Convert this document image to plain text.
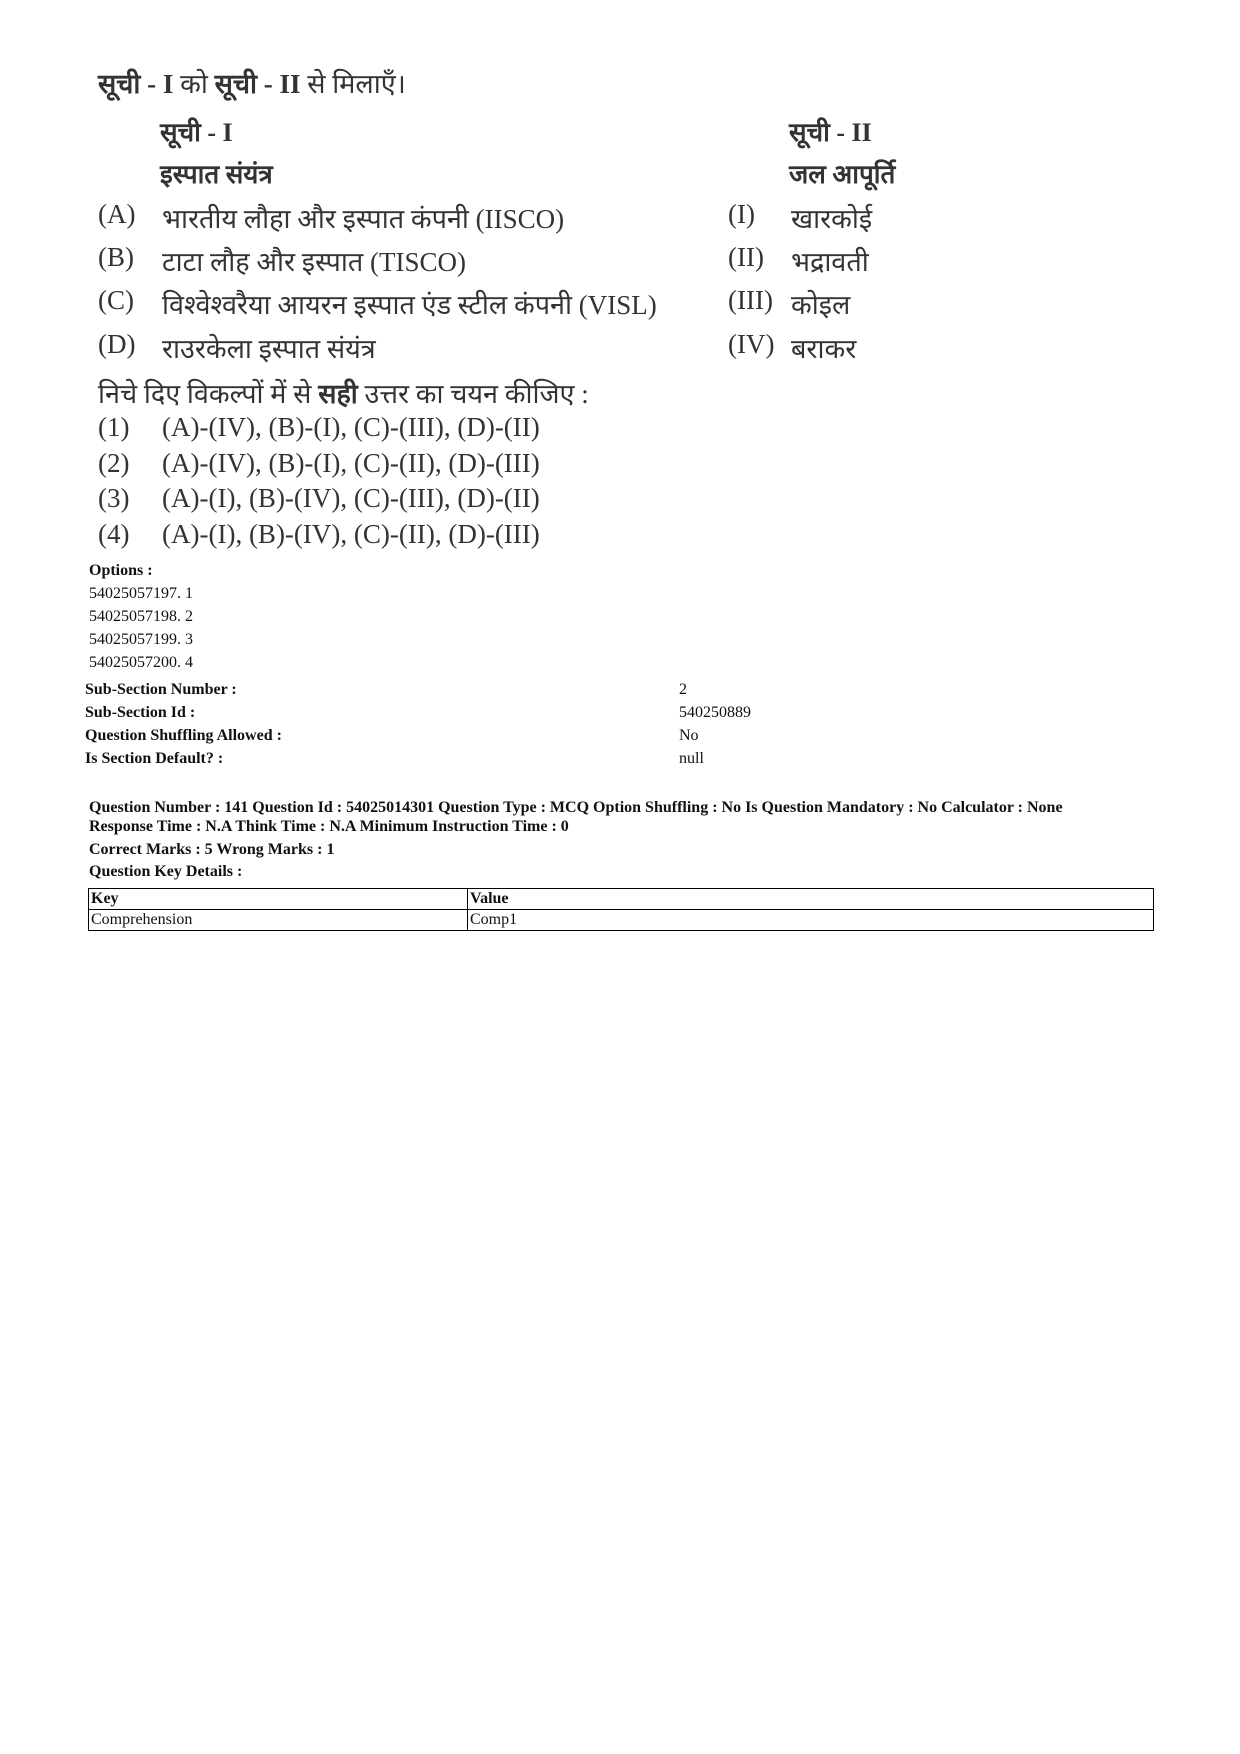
सूची - I को सूची - II से मिलाएँ।
सूची - I
इस्पात संयंत्र
सूची - II
जल आपूर्ति
(A) भारतीय लौहा और इस्पात कंपनी (IISCO)	(I) खारकोई
(B) टाटा लौह और इस्पात (TISCO)	(II) भद्रावती
(C) विश्वेश्वरैया आयरन इस्पात एंड स्टील कंपनी (VISL)	(III) कोइल
(D) राउरकेला इस्पात संयंत्र	(IV) बराकर
निचे दिए विकल्पों में से सही उत्तर का चयन कीजिए :
(1) (A)-(IV), (B)-(I), (C)-(III), (D)-(II)
(2) (A)-(IV), (B)-(I), (C)-(II), (D)-(III)
(3) (A)-(I), (B)-(IV), (C)-(III), (D)-(II)
(4) (A)-(I), (B)-(IV), (C)-(II), (D)-(III)
Options :
54025057197. 1
54025057198. 2
54025057199. 3
54025057200. 4
Sub-Section Number :	2
Sub-Section Id :	540250889
Question Shuffling Allowed :	No
Is Section Default? :	null
Question Number : 141 Question Id : 54025014301 Question Type : MCQ Option Shuffling : No Is Question Mandatory : No Calculator : None
Response Time : N.A Think Time : N.A Minimum Instruction Time : 0
Correct Marks : 5 Wrong Marks : 1
Question Key Details :
Key	Value
Comprehension	Comp1
